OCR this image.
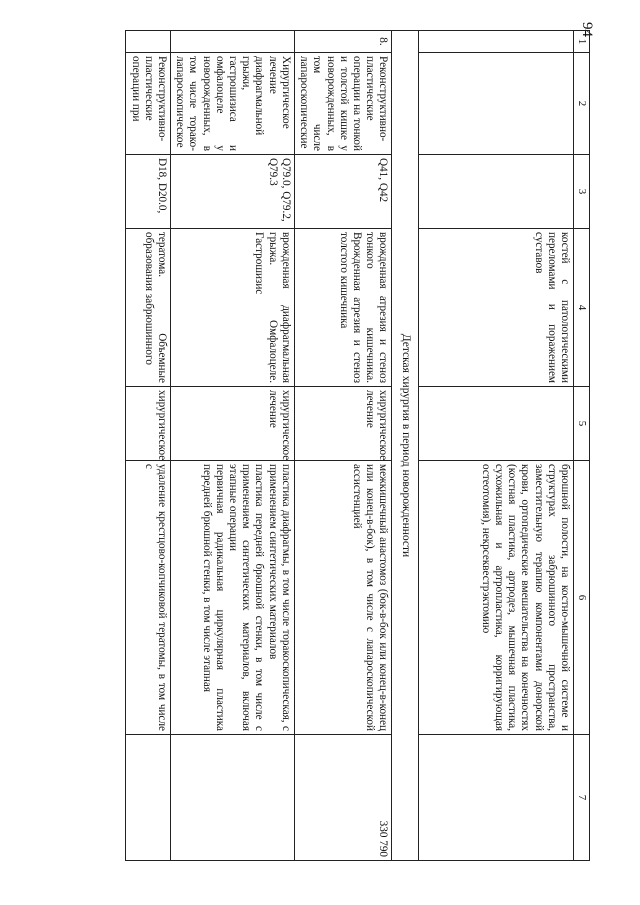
94
1	2	3	4	5	6	7
			костей с патологическими переломами и поражением суставов		брюшной полости, на костно-мышечной системе и структурах забрюшинного пространства, заместительную терапию компонентами донорской крови, ортопедические вмешательства на конечностях (костная пластика, артродез, мышечная пластика, сухожильная и артропластика, корригирующая остеотомия), некрсеквестрэктомию	
Детская хирургия в период новорожденности						
8.	Реконструктивно-пластические операции на тонкой и толстой кишке у новорожденных, в том числе лапароскопические	Q41, Q42	врожденная атрезия и стеноз тонкого кишечника. Врожденная атрезия и стеноз толстого кишечника	хирургическое лечение	межкишечный анастомоз (бок-в-бок или конец-в-конец или конец-в-бок), в том числе с лапароскопической ассистенцией	330 790
	Хирургическое лечение диафрагмальной грыжи, гастрошизиса и омфалоцеле у новорожденных, в том числе торако-лапароскопическое	Q79.0, Q79.2, Q79.3	врожденная диафрагмальная грыжа. Омфалоцеле. Гастрошизис	хирургическое лечение	пластика диафрагмы, в том числе торакоскопическая, с применением синтетических материалов
пластика передней брюшной стенки, в том числе с применением синтетических материалов, включая этапные операции
первичная радикальная циркулярная пластика передней брюшной стенки, в том числе этапная	
	Реконструктивно-пластические операции при	D18, D20.0,	тератома. Объемные образования забрюшинного	хирургическое	удаление крестцово-копчиковой тератомы, в том числе с	
